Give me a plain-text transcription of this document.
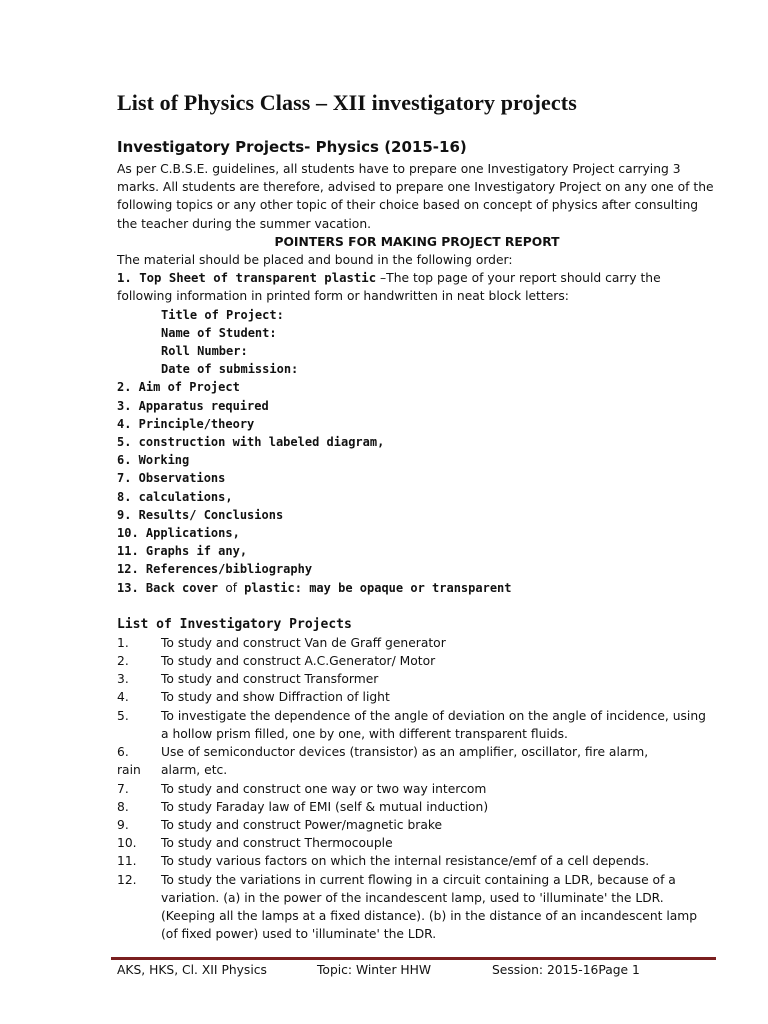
List of Physics Class – XII investigatory projects
Investigatory Projects- Physics (2015-16)

As per C.B.S.E. guidelines, all students have to prepare one Investigatory Project carrying 3 marks. All students are therefore, advised to prepare one Investigatory Project on any one of the following topics or any other topic of their choice based on concept of physics after consulting the teacher during the summer vacation.

POINTERS FOR MAKING PROJECT REPORT
The material should be placed and bound in the following order:

1. Top Sheet of transparent plastic –The top page of your report should carry the following information in printed form or handwritten in neat block letters:

Title of Project:
Name of Student:
Roll Number:
Date of submission:
2. Aim of Project
3. Apparatus required
4. Principle/theory
5. construction with labeled diagram,
6. Working
7. Observations
8. calculations,
9. Results/ Conclusions
10. Applications,
11. Graphs if any,
12. References/bibliography
13. Back cover of plastic: may be opaque or transparent
List of Investigatory Projects
1.	To study and construct Van de Graff generator
2.	To study and construct A.C.Generator/ Motor
3.	To study and construct Transformer
4.	To study and show Diffraction of light
5.	To investigate the dependence of the angle of deviation on the angle of incidence, using a hollow prism filled, one by one, with different transparent fluids.
6.	Use of semiconductor devices (transistor) as an amplifier, oscillator, fire alarm,
rain	alarm, etc.
7.	To study and construct one way or two way intercom
8.	To study Faraday law of EMI (self & mutual induction)
9.	To study and construct Power/magnetic brake
10.	To study and construct Thermocouple
11.	To study various factors on which the internal resistance/emf of a cell depends.
12.	To study the variations in current flowing in a circuit containing a LDR, because of a variation. (a) in the power of the incandescent lamp, used to 'illuminate' the LDR. (Keeping all the lamps at a fixed distance). (b) in the distance of an incandescent lamp (of fixed power) used to 'illuminate' the LDR.
AKS, HKS, Cl. XII Physics	Topic: Winter HHW	Session: 2015-16Page 1
